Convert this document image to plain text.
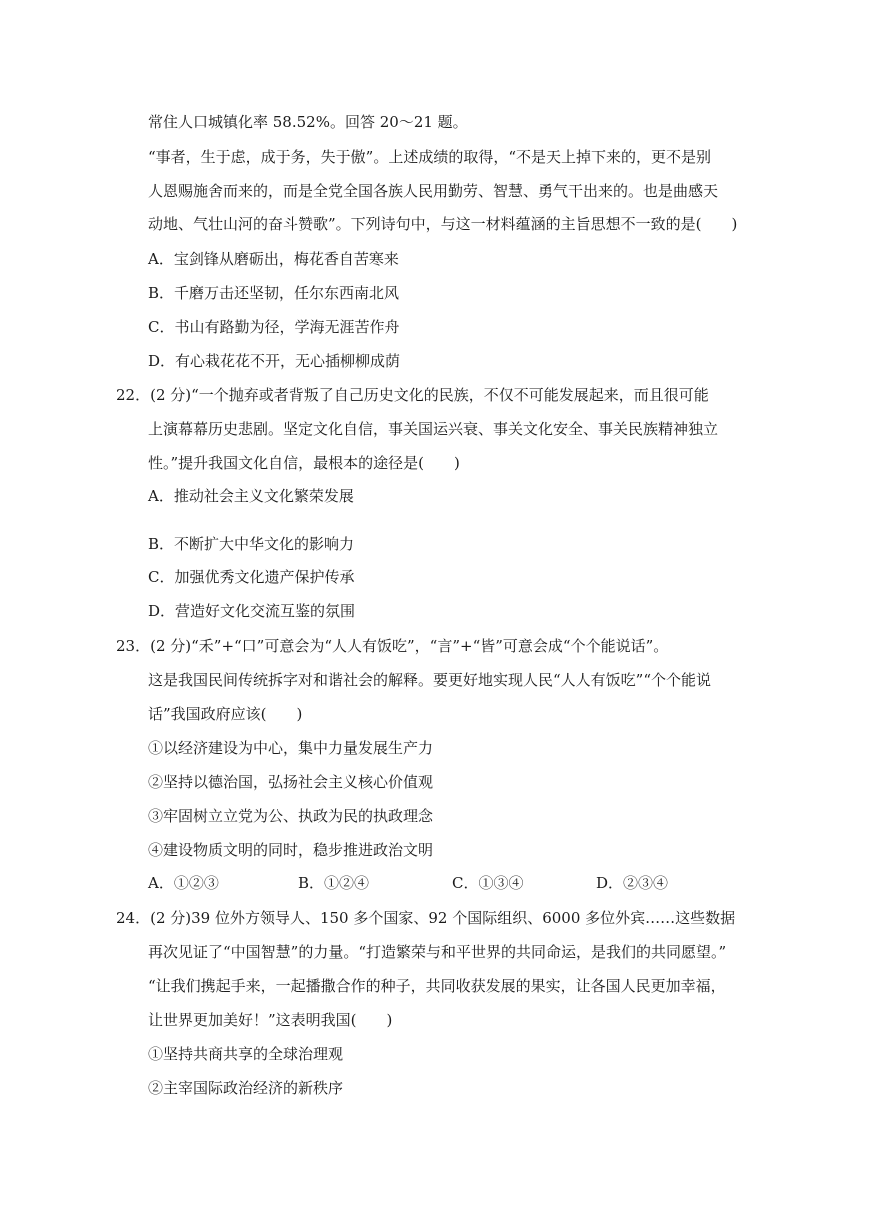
常住人口城镇化率 58.52%。回答 20～21 题。
“事者，生于虑，成于务，失于傲”。上述成绩的取得，“不是天上掉下来的，更不是别
人恩赐施舍而来的，而是全党全国各族人民用勤劳、智慧、勇气干出来的。也是曲感天
动地、气壮山河的奋斗赞歌”。下列诗句中，与这一材料蕴涵的主旨思想不一致的是(　　)
A．宝剑锋从磨砺出，梅花香自苦寒来
B．千磨万击还坚韧，任尔东西南北风
C．书山有路勤为径，学海无涯苦作舟
D．有心栽花花不开，无心插柳柳成荫
22．(2 分)“一个抛弃或者背叛了自己历史文化的民族，不仅不可能发展起来，而且很可能
上演幕幕历史悲剧。坚定文化自信，事关国运兴衰、事关文化安全、事关民族精神独立
性。”提升我国文化自信，最根本的途径是(　　)
A．推动社会主义文化繁荣发展
B．不断扩大中华文化的影响力
C．加强优秀文化遗产保护传承
D．营造好文化交流互鉴的氛围
23．(2 分)“禾”+“口”可意会为“人人有饭吃”，“言”+“皆”可意会成“个个能说话”。
这是我国民间传统拆字对和谐社会的解释。要更好地实现人民“人人有饭吃”“个个能说
话”我国政府应该(　　)
①以经济建设为中心，集中力量发展生产力
②坚持以德治国，弘扬社会主义核心价值观
③牢固树立立党为公、执政为民的执政理念
④建设物质文明的同时，稳步推进政治文明
A．①②③	B．①②④	C．①③④	D．②③④
24．(2 分)39 位外方领导人、150 多个国家、92 个国际组织、6000 多位外宾……这些数据
再次见证了“中国智慧”的力量。“打造繁荣与和平世界的共同命运，是我们的共同愿望。”
“让我们携起手来，一起播撒合作的种子，共同收获发展的果实，让各国人民更加幸福，
让世界更加美好！”这表明我国(　　)
①坚持共商共享的全球治理观
②主宰国际政治经济的新秩序
